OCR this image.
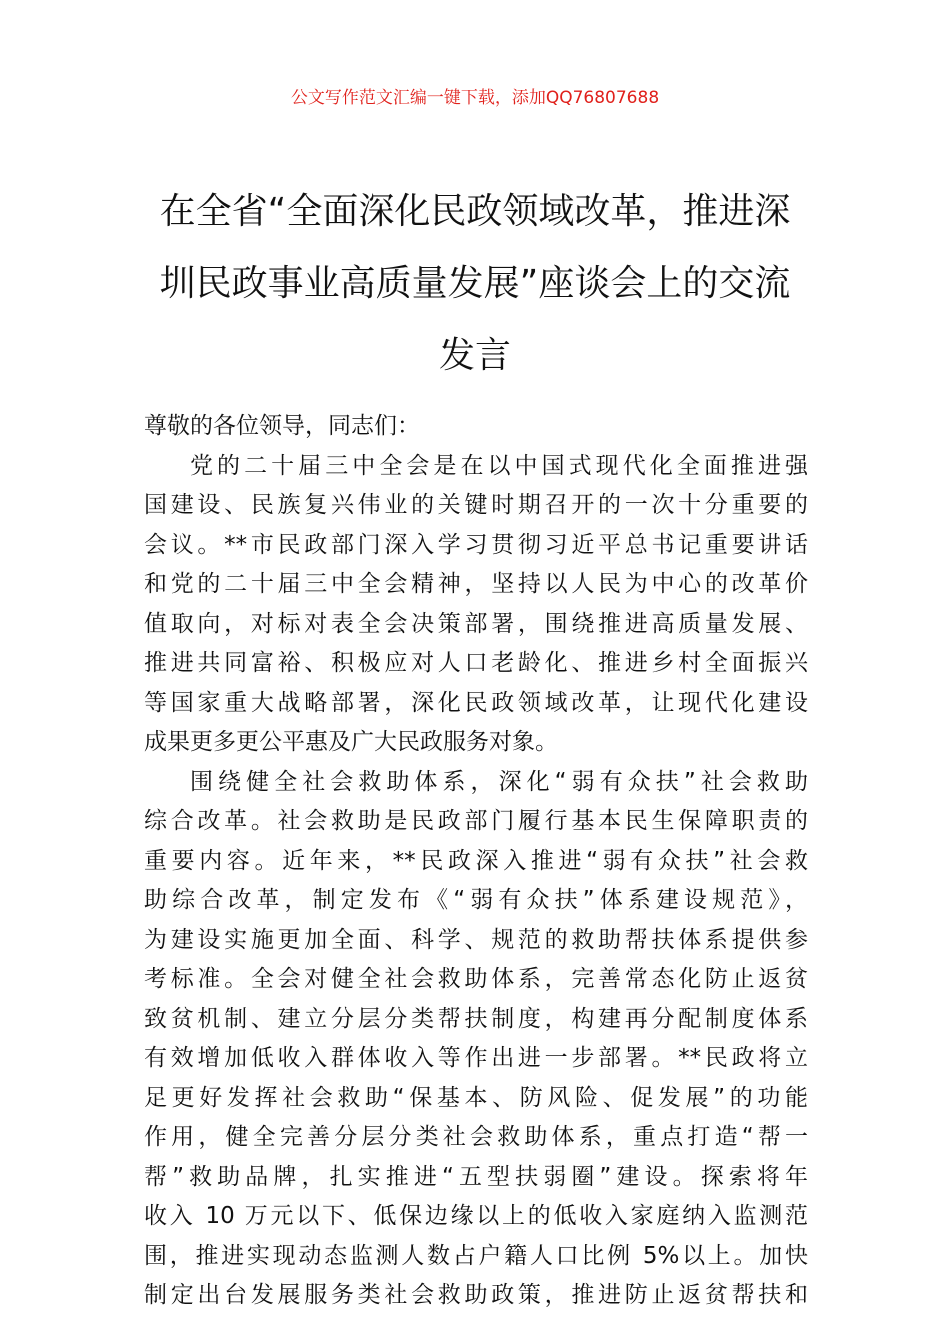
公文写作范文汇编一键下载，添加QQ76807688
在全省“全面深化民政领域改革，推进深
圳民政事业高质量发展”座谈会上的交流
发言
尊敬的各位领导，同志们：

党的二十届三中全会是在以中国式现代化全面推进强
国建设、民族复兴伟业的关键时期召开的一次十分重要的
会议。**市民政部门深入学习贯彻习近平总书记重要讲话
和党的二十届三中全会精神，坚持以人民为中心的改革价
值取向，对标对表全会决策部署，围绕推进高质量发展、
推进共同富裕、积极应对人口老龄化、推进乡村全面振兴
等国家重大战略部署，深化民政领域改革，让现代化建设
成果更多更公平惠及广大民政服务对象。

围绕健全社会救助体系，深化“弱有众扶”社会救助
综合改革。社会救助是民政部门履行基本民生保障职责的
重要内容。近年来，**民政深入推进“弱有众扶”社会救
助综合改革，制定发布《“弱有众扶”体系建设规范》，
为建设实施更加全面、科学、规范的救助帮扶体系提供参
考标准。全会对健全社会救助体系，完善常态化防止返贫
致贫机制、建立分层分类帮扶制度，构建再分配制度体系
有效增加低收入群体收入等作出进一步部署。**民政将立
足更好发挥社会救助“保基本、防风险、促发展”的功能
作用，健全完善分层分类社会救助体系，重点打造“帮一
帮”救助品牌，扎实推进“五型扶弱圈”建设。探索将年
收入 10 万元以下、低保边缘以上的低收入家庭纳入监测范
围，推进实现动态监测人数占户籍人口比例 5%以上。加快
制定出台发展服务类社会救助政策，推进防止返贫帮扶和
